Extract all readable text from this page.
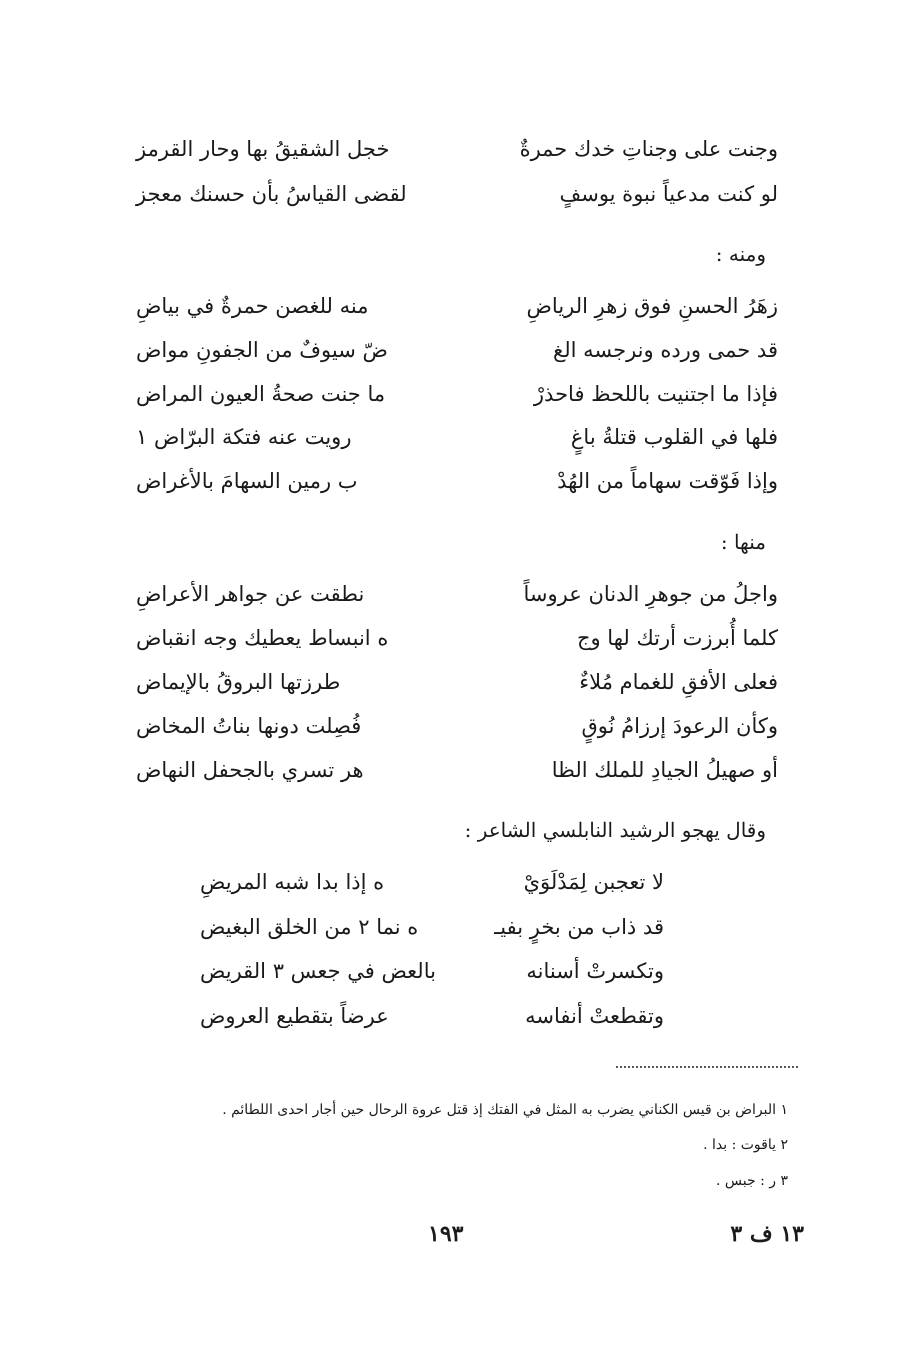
وجنت على وجناتِ خدك حمرةٌ
خجل الشقيقُ بها وحار القرمز
لو كنت مدعياً نبوة يوسفٍ
لقضى القياسُ بأن حسنك معجز
ومنه :
زهَرُ الحسنِ فوق زهرِ الرياضِ
منه للغصن حمرةٌ في بياضِ
قد حمى ورده ونرجسه الغ
ضّ سيوفٌ من الجفونِ مواض
فإذا ما اجتنيت باللحظ فاحذرْ
ما جنت صحةُ العيون المراض
فلها في القلوب قتلةُ باغٍ
رويت عنه فتكة البرّاض ١
وإذا فَوّقت سهاماً من الهُدْ
ب رمين السهامَ بالأغراض
منها :
واجلُ من جوهرِ الدنان عروساً
نطقت عن جواهر الأعراضِ
كلما أُبرزت أرتك لها وج
ه انبساط يعطيك وجه انقباض
فعلى الأفقِ للغمام مُلاءٌ
طرزتها البروقُ بالإيماض
وكأن الرعودَ إرزامُ نُوقٍ
فُصِلت دونها بناتُ المخاض
أو صهيلُ الجيادِ للملك الظا
هر تسري بالجحفل النهاض
وقال يهجو الرشيد النابلسي الشاعر :
لا تعجبن لِمَدْلَوَيْ
ه إذا بدا شبه المريضِ
قد ذاب من بخرٍ بفيـ
ه نما ٢ من الخلق البغيض
وتكسرتْ أسنانه
بالعض في جعس ٣ القريض
وتقطعتْ أنفاسه
عرضاً بتقطيع العروض
١ البراض بن قيس الكناني يضرب به المثل في الفتك إذ قتل عروة الرحال حين أجار احدى اللطائم .
٢ ياقوت : بدا .
٣ ر : جبس .
١٣ ف ٣
١٩٣
